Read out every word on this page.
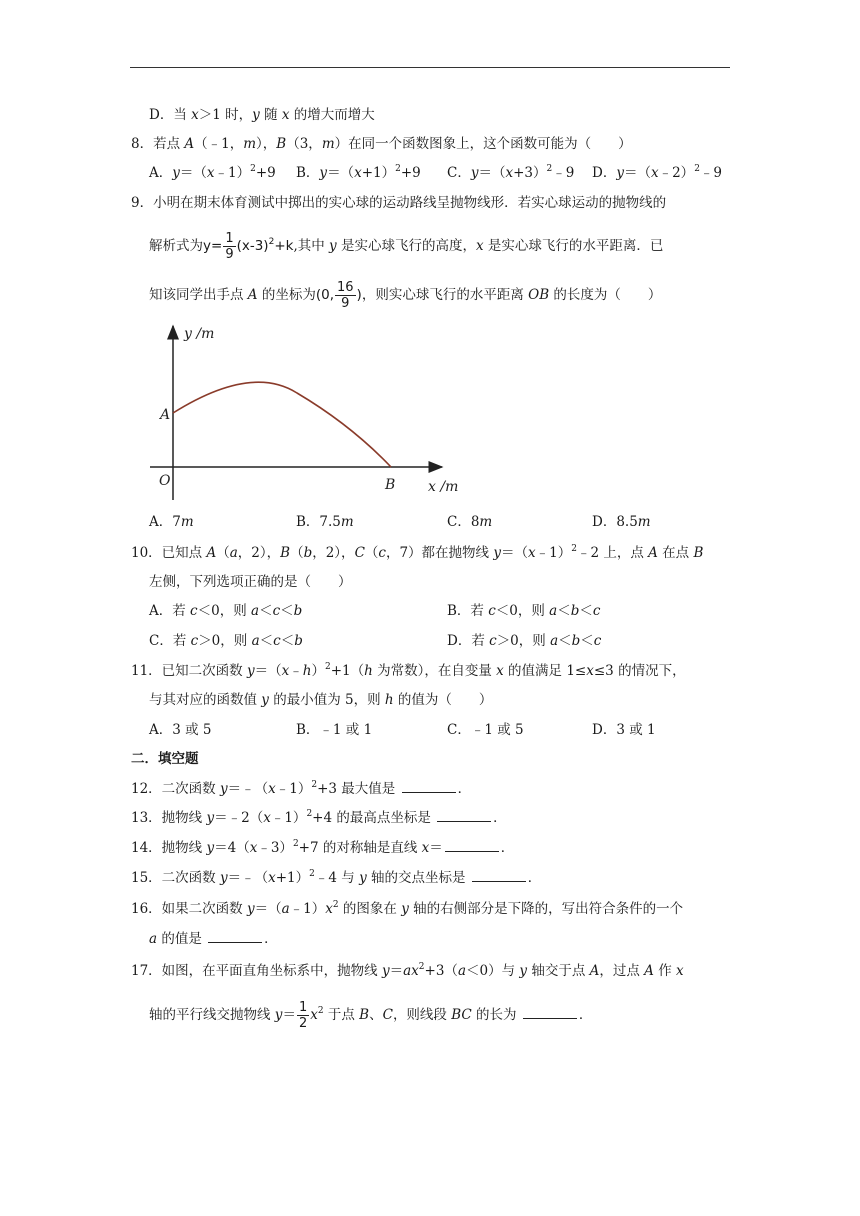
D．当 x＞1 时，y 随 x 的增大而增大
8．若点 A（﹣1，m），B（3，m）在同一个函数图象上，这个函数可能为（　　）
A．y＝（x﹣1）$^2$+9 B．$y=(x+1)^2+9$ C．$y=(x+3)^2﹣9$ D．y＝（x﹣2）$^2$﹣9
9．小明在期末体育测试中掷出的实心球的运动路线呈抛物线形．若实心球运动的抛物线的
解析式为$y= \frac{1}{9} (x-3)^2+k$,其中 y 是实心球飞行的高度，x 是实心球飞行的水平距离．已
知该同学出手点 A 的坐标为(0, $\frac{16}{9}$ )，则实心球飞行的水平距离 OB 的长度为（　　）
y /m
x /m
O
A
B
A．7m	B．7.5m	C．8m	D．8.5m
10．已知点 A（a，2），B（b，2），C（c，7）都在抛物线 y＝（x﹣1）$^2$﹣2 上，点 A 在点 B
左侧，下列选项正确的是（　　）
A．若 c＜0，则 a＜c＜b	B．若 c＜0，则 a＜b＜c
C．若 c＞0，则 a＜c＜b	D．若 c＞0，则 a＜b＜c
11．已知二次函数 y＝（x﹣h）$^2$+1（h 为常数），在自变量 x 的值满足 1≤x≤3 的情况下，
与其对应的函数值 y 的最小值为 5，则 h 的值为（　　）
A．3 或 5	B．﹣1 或 1	C．﹣1 或 5	D．3 或 1
二．填空题
12．二次函数 y＝﹣（x﹣1）$^2$+3 最大值是	．
13．抛物线 y＝﹣2（x﹣1）$^2$+4 的最高点坐标是	．
14．抛物线 y＝4（x﹣3）$^2$+7 的对称轴是直线 x＝	．
15．二次函数 $y=﹣(x+1)^2﹣4$ 与 y 轴的交点坐标是	．
16．如果二次函数 $y=(a﹣1)x^2$ 的图象在 y 轴的右侧部分是下降的，写出符合条件的一个
a 的值是	．
17．如图，在平面直角坐标系中，抛物线 $y=ax^2+3(a<0)$与 y 轴交于点 A，过点 A 作 x
轴的平行线交抛物线 $y= \frac{1}{2} x^2$ 于点 B、C，则线段 BC 的长为	．
